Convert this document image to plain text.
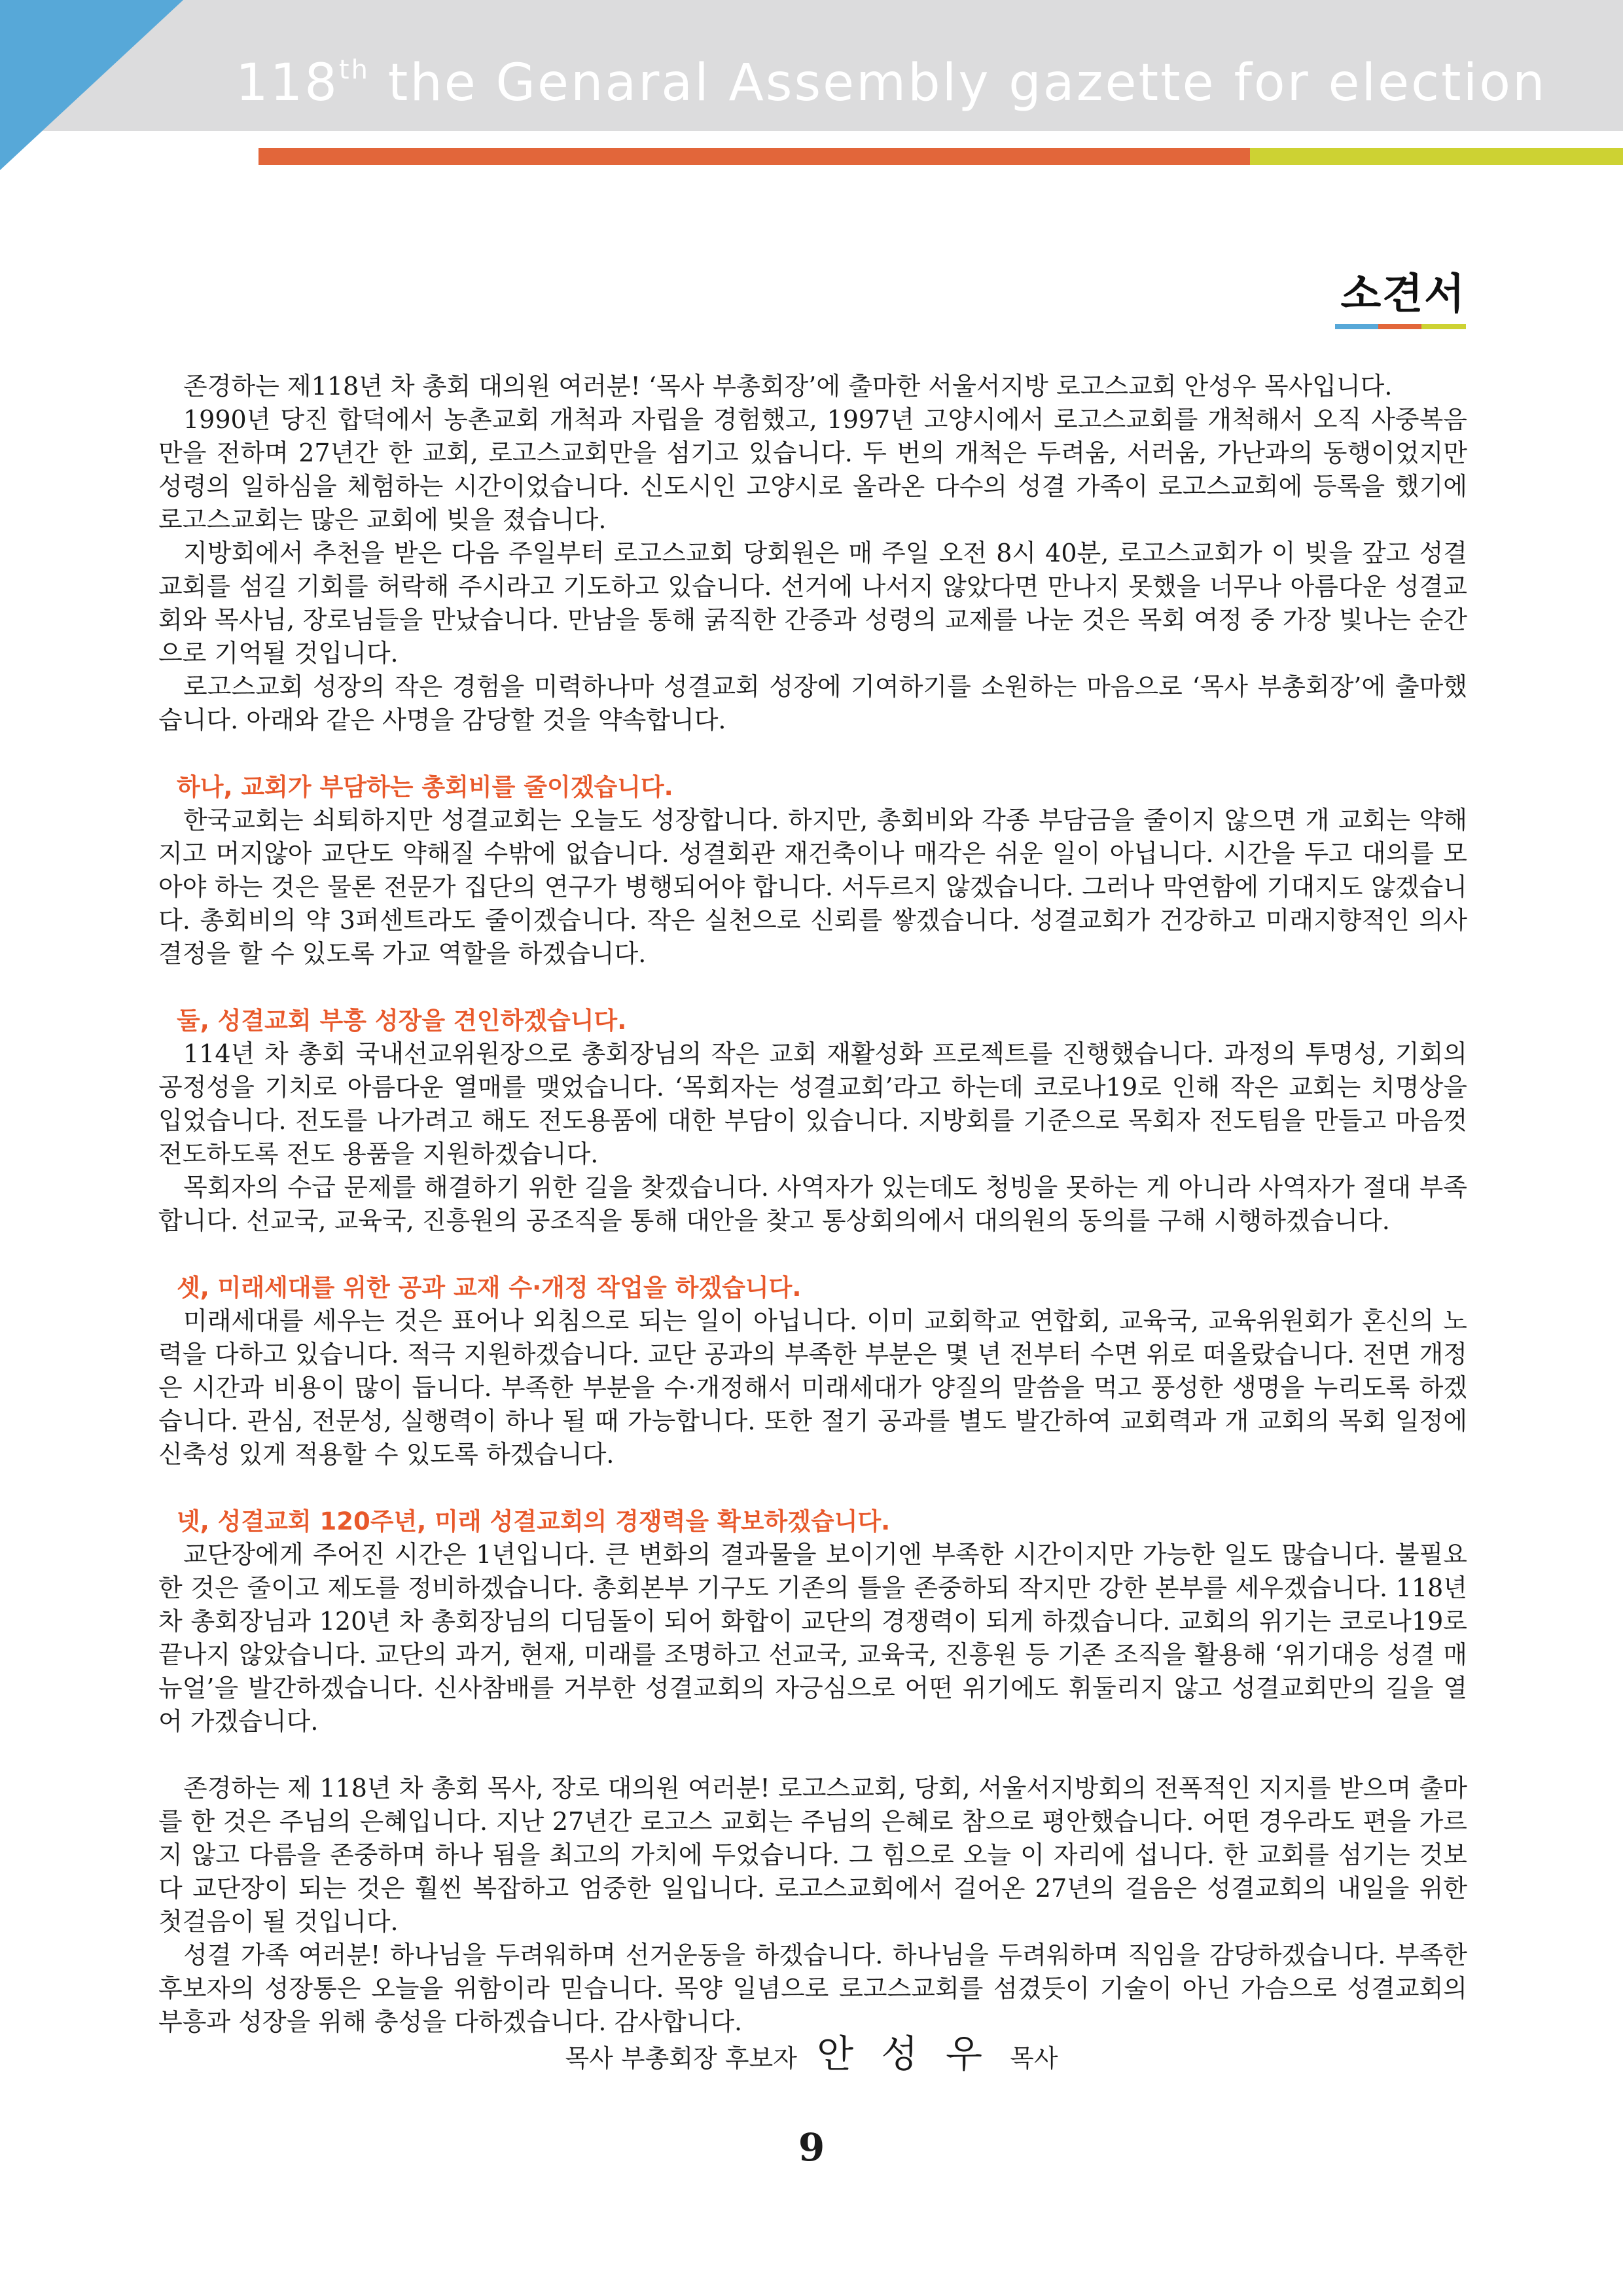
118th the Genaral Assembly gazette for election
소견서

존경하는 제118년 차 총회 대의원 여러분! ‘목사 부총회장’에 출마한 서울서지방 로고스교회 안성우 목사입니다.

1990년 당진 합덕에서 농촌교회 개척과 자립을 경험했고, 1997년 고양시에서 로고스교회를 개척해서 오직 사중복음만을 전하며 27년간 한 교회, 로고스교회만을 섬기고 있습니다. 두 번의 개척은 두려움, 서러움, 가난과의 동행이었지만 성령의 일하심을 체험하는 시간이었습니다. 신도시인 고양시로 올라온 다수의 성결 가족이 로고스교회에 등록을 했기에 로고스교회는 많은 교회에 빚을 졌습니다.

지방회에서 추천을 받은 다음 주일부터 로고스교회 당회원은 매 주일 오전 8시 40분, 로고스교회가 이 빚을 갚고 성결교회를 섬길 기회를 허락해 주시라고 기도하고 있습니다. 선거에 나서지 않았다면 만나지 못했을 너무나 아름다운 성결교회와 목사님, 장로님들을 만났습니다. 만남을 통해 굵직한 간증과 성령의 교제를 나눈 것은 목회 여정 중 가장 빛나는 순간으로 기억될 것입니다.

로고스교회 성장의 작은 경험을 미력하나마 성결교회 성장에 기여하기를 소원하는 마음으로 ‘목사 부총회장’에 출마했습니다. 아래와 같은 사명을 감당할 것을 약속합니다.

하나, 교회가 부담하는 총회비를 줄이겠습니다.

한국교회는 쇠퇴하지만 성결교회는 오늘도 성장합니다. 하지만, 총회비와 각종 부담금을 줄이지 않으면 개 교회는 약해지고 머지않아 교단도 약해질 수밖에 없습니다. 성결회관 재건축이나 매각은 쉬운 일이 아닙니다. 시간을 두고 대의를 모아야 하는 것은 물론 전문가 집단의 연구가 병행되어야 합니다. 서두르지 않겠습니다. 그러나 막연함에 기대지도 않겠습니다. 총회비의 약 3퍼센트라도 줄이겠습니다. 작은 실천으로 신뢰를 쌓겠습니다. 성결교회가 건강하고 미래지향적인 의사결정을 할 수 있도록 가교 역할을 하겠습니다.

둘, 성결교회 부흥 성장을 견인하겠습니다.

114년 차 총회 국내선교위원장으로 총회장님의 작은 교회 재활성화 프로젝트를 진행했습니다. 과정의 투명성, 기회의 공정성을 기치로 아름다운 열매를 맺었습니다. ‘목회자는 성결교회’라고 하는데 코로나19로 인해 작은 교회는 치명상을 입었습니다. 전도를 나가려고 해도 전도용품에 대한 부담이 있습니다. 지방회를 기준으로 목회자 전도팀을 만들고 마음껏 전도하도록 전도 용품을 지원하겠습니다.

목회자의 수급 문제를 해결하기 위한 길을 찾겠습니다. 사역자가 있는데도 청빙을 못하는 게 아니라 사역자가 절대 부족합니다. 선교국, 교육국, 진흥원의 공조직을 통해 대안을 찾고 통상회의에서 대의원의 동의를 구해 시행하겠습니다.

셋, 미래세대를 위한 공과 교재 수·개정 작업을 하겠습니다.

미래세대를 세우는 것은 표어나 외침으로 되는 일이 아닙니다. 이미 교회학교 연합회, 교육국, 교육위원회가 혼신의 노력을 다하고 있습니다. 적극 지원하겠습니다. 교단 공과의 부족한 부분은 몇 년 전부터 수면 위로 떠올랐습니다. 전면 개정은 시간과 비용이 많이 듭니다. 부족한 부분을 수·개정해서 미래세대가 양질의 말씀을 먹고 풍성한 생명을 누리도록 하겠습니다. 관심, 전문성, 실행력이 하나 될 때 가능합니다. 또한 절기 공과를 별도 발간하여 교회력과 개 교회의 목회 일정에 신축성 있게 적용할 수 있도록 하겠습니다.

넷, 성결교회 120주년, 미래 성결교회의 경쟁력을 확보하겠습니다.

교단장에게 주어진 시간은 1년입니다. 큰 변화의 결과물을 보이기엔 부족한 시간이지만 가능한 일도 많습니다. 불필요한 것은 줄이고 제도를 정비하겠습니다. 총회본부 기구도 기존의 틀을 존중하되 작지만 강한 본부를 세우겠습니다. 118년 차 총회장님과 120년 차 총회장님의 디딤돌이 되어 화합이 교단의 경쟁력이 되게 하겠습니다. 교회의 위기는 코로나19로 끝나지 않았습니다. 교단의 과거, 현재, 미래를 조명하고 선교국, 교육국, 진흥원 등 기존 조직을 활용해 ‘위기대응 성결 매뉴얼’을 발간하겠습니다. 신사참배를 거부한 성결교회의 자긍심으로 어떤 위기에도 휘둘리지 않고 성결교회만의 길을 열어 가겠습니다.

존경하는 제 118년 차 총회 목사, 장로 대의원 여러분! 로고스교회, 당회, 서울서지방회의 전폭적인 지지를 받으며 출마를 한 것은 주님의 은혜입니다. 지난 27년간 로고스 교회는 주님의 은혜로 참으로 평안했습니다. 어떤 경우라도 편을 가르지 않고 다름을 존중하며 하나 됨을 최고의 가치에 두었습니다. 그 힘으로 오늘 이 자리에 섭니다. 한 교회를 섬기는 것보다 교단장이 되는 것은 훨씬 복잡하고 엄중한 일입니다. 로고스교회에서 걸어온 27년의 걸음은 성결교회의 내일을 위한 첫걸음이 될 것입니다.

성결 가족 여러분! 하나님을 두려워하며 선거운동을 하겠습니다. 하나님을 두려워하며 직임을 감당하겠습니다. 부족한 후보자의 성장통은 오늘을 위함이라 믿습니다. 목양 일념으로 로고스교회를 섬겼듯이 기술이 아닌 가슴으로 성결교회의 부흥과 성장을 위해 충성을 다하겠습니다. 감사합니다.

목사 부총회장 후보자 안 성 우 목사
9
